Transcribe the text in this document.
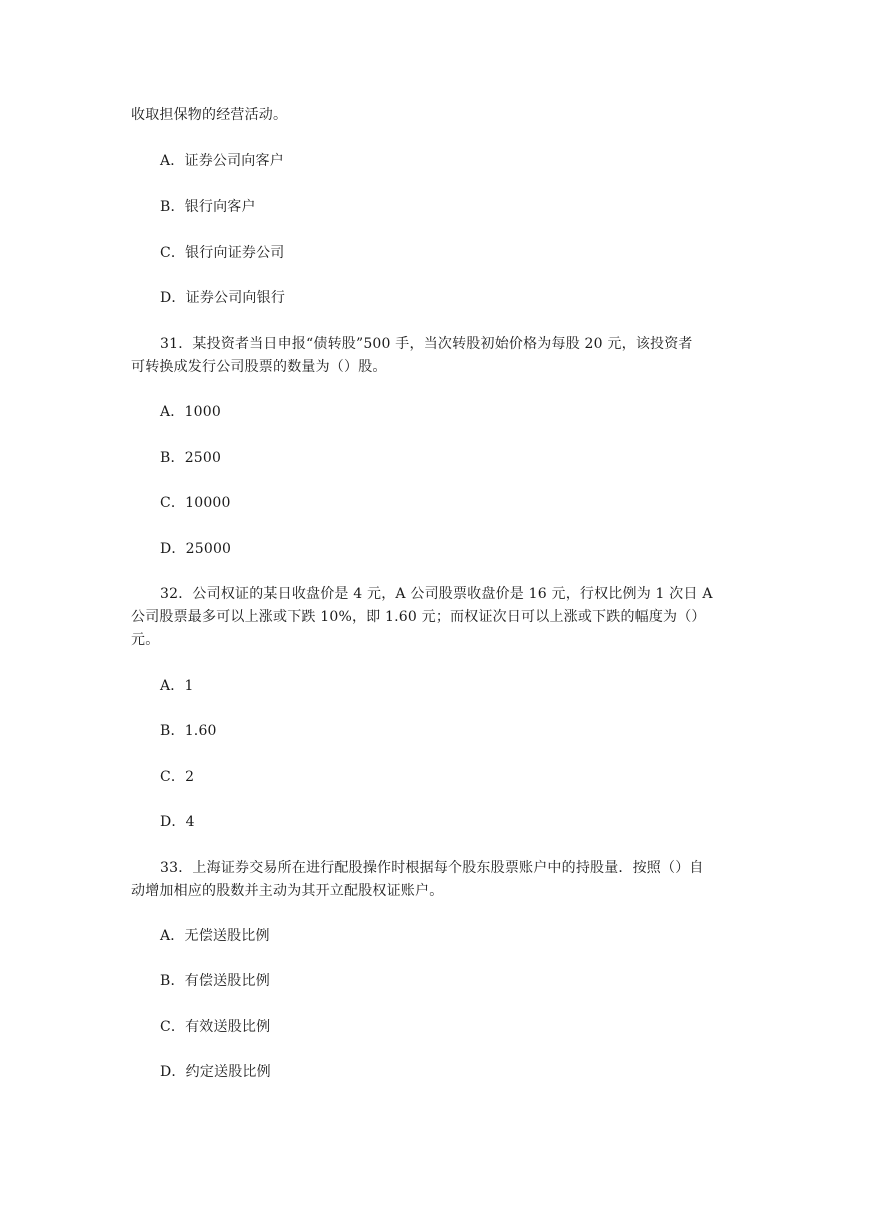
收取担保物的经营活动。
A．证券公司向客户
B．银行向客户
C．银行向证券公司
D．证券公司向银行
31．某投资者当日申报“债转股”500 手，当次转股初始价格为每股 20 元，该投资者
可转换成发行公司股票的数量为（）股。
A．1000
B．2500
C．10000
D．25000
32．公司权证的某日收盘价是 4 元，A 公司股票收盘价是 16 元，行权比例为 1 次日 A
公司股票最多可以上涨或下跌 10%，即 1.60 元；而权证次日可以上涨或下跌的幅度为（）
元。
A．1
B．1.60
C．2
D．4
33．上海证券交易所在进行配股操作时根据每个股东股票账户中的持股量．按照（）自
动增加相应的股数并主动为其开立配股权证账户。
A．无偿送股比例
B．有偿送股比例
C．有效送股比例
D．约定送股比例
